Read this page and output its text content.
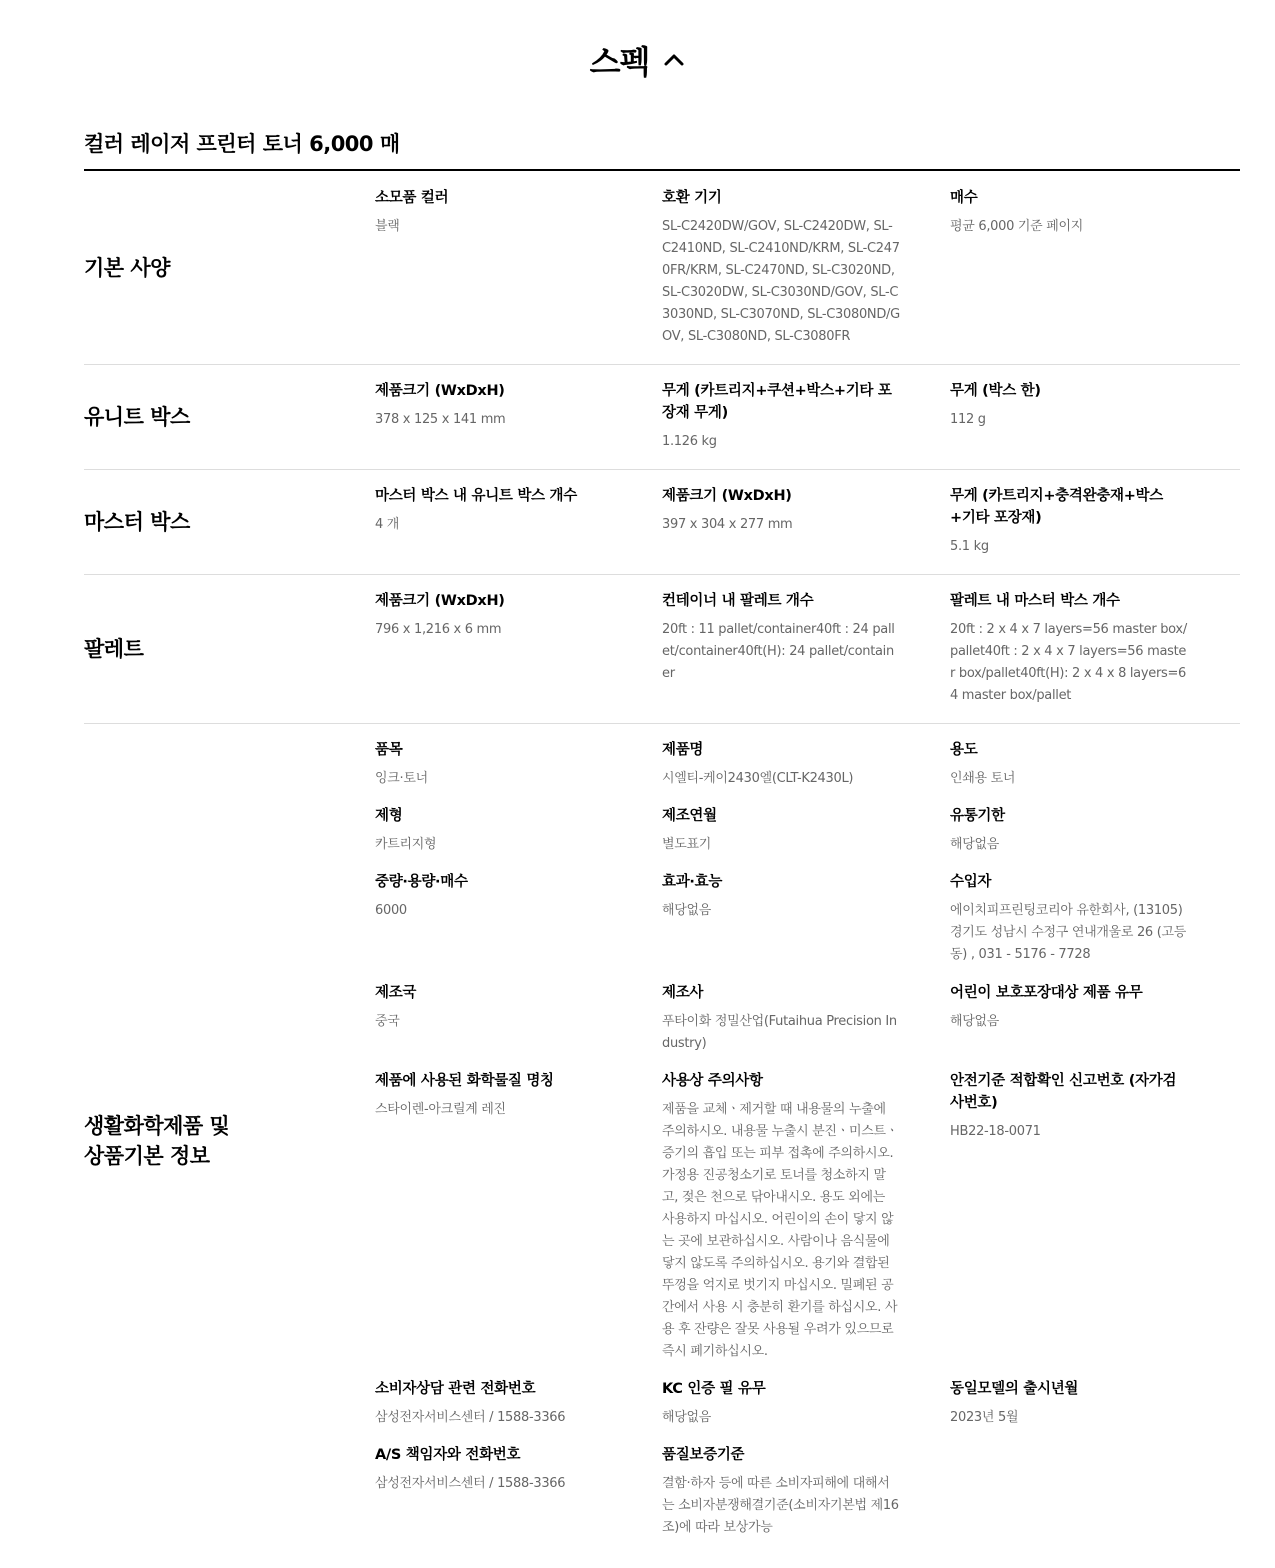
스펙
컬러 레이저 프린터 토너 6,000 매
기본 사양
소모품 컬러
블랙
호환 기기
SL-C2420DW/GOV, SL-C2420DW, SL-C2410ND, SL-C2410ND/KRM, SL-C2470FR/KRM, SL-C2470ND, SL-C3020ND, SL-C3020DW, SL-C3030ND/GOV, SL-C3030ND, SL-C3070ND, SL-C3080ND/GOV, SL-C3080ND, SL-C3080FR
매수
평균 6,000 기준 페이지
유니트 박스
제품크기 (WxDxH)
378 x 125 x 141 mm
무게 (카트리지+쿠션+박스+기타 포장재 무게)
1.126 kg
무게 (박스 한)
112 g
마스터 박스
마스터 박스 내 유니트 박스 개수
4 개
제품크기 (WxDxH)
397 x 304 x 277 mm
무게 (카트리지+충격완충재+박스+기타 포장재)
5.1 kg
팔레트
제품크기 (WxDxH)
796 x 1,216 x 6 mm
컨테이너 내 팔레트 개수
20ft : 11 pallet/container40ft : 24 pallet/container40ft(H): 24 pallet/container
팔레트 내 마스터 박스 개수
20ft : 2 x 4 x 7 layers=56 master box/pallet40ft : 2 x 4 x 7 layers=56 master box/pallet40ft(H): 2 x 4 x 8 layers=64 master box/pallet
생활화학제품 및
상품기본 정보
품목
잉크·토너
제품명
시엘티-케이2430엘(CLT-K2430L)
용도
인쇄용 토너
제형
카트리지형
제조연월
별도표기
유통기한
해당없음
중량·용량·매수
6000
효과·효능
해당없음
수입자
에이치피프린팅코리아 유한회사, (13105) 경기도 성남시 수정구 연내개울로 26 (고등동) , 031 - 5176 - 7728
제조국
중국
제조사
푸타이화 정밀산업(Futaihua Precision Industry)
어린이 보호포장대상 제품 유무
해당없음
제품에 사용된 화학물질 명칭
스타이렌-아크릴계 레진
사용상 주의사항
제품을 교체ㆍ제거할 때 내용물의 누출에 주의하시오. 내용물 누출시 분진ㆍ미스트ㆍ증기의 흡입 또는 피부 접촉에 주의하시오. 가정용 진공청소기로 토너를 청소하지 말고, 젖은 천으로 닦아내시오. 용도 외에는 사용하지 마십시오. 어린이의 손이 닿지 않는 곳에 보관하십시오. 사람이나 음식물에 닿지 않도록 주의하십시오. 용기와 결합된 뚜껑을 억지로 벗기지 마십시오. 밀폐된 공간에서 사용 시 충분히 환기를 하십시오. 사용 후 잔량은 잘못 사용될 우려가 있으므로 즉시 폐기하십시오.
안전기준 적합확인 신고번호 (자가검사번호)
HB22-18-0071
소비자상담 관련 전화번호
삼성전자서비스센터 / 1588-3366
KC 인증 필 유무
해당없음
동일모델의 출시년월
2023년 5월
A/S 책임자와 전화번호
삼성전자서비스센터 / 1588-3366
품질보증기준
결함·하자 등에 따른 소비자피해에 대해서는 소비자분쟁해결기준(소비자기본법 제16조)에 따라 보상가능
